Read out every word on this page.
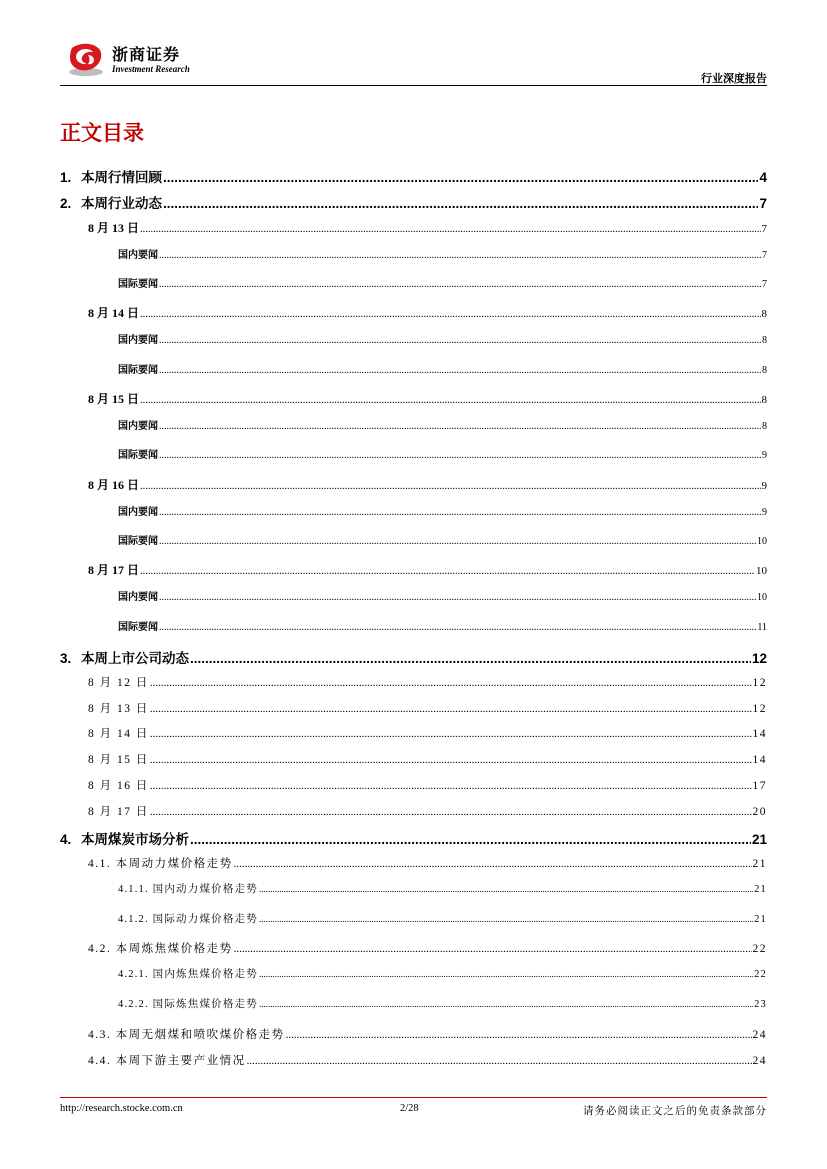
浙商证券
Investment Research
行业深度报告
正文目录
1. 本周行情回顾 .....	4
2. 本周行业动态 .....	7
8 月 13 日 .....	7
国内要闻 .....	7
国际要闻 .....	7
8 月 14 日 .....	8
国内要闻 .....	8
国际要闻 .....	8
8 月 15 日 .....	8
国内要闻 .....	8
国际要闻 .....	9
8 月 16 日 .....	9
国内要闻 .....	9
国际要闻 .....	10
8 月 17 日 .....	10
国内要闻 .....	10
国际要闻 .....	11
3. 本周上市公司动态 .....	12
8 月 12 日 .....	12
8 月 13 日 .....	12
8 月 14 日 .....	14
8 月 15 日 .....	14
8 月 16 日 .....	17
8 月 17 日 .....	20
4. 本周煤炭市场分析 .....	21
4.1. 本周动力煤价格走势 .....	21
4.1.1. 国内动力煤价格走势 .....	21
4.1.2. 国际动力煤价格走势 .....	21
4.2. 本周炼焦煤价格走势 .....	22
4.2.1. 国内炼焦煤价格走势 .....	22
4.2.2. 国际炼焦煤价格走势 .....	23
4.3. 本周无烟煤和喷吹煤价格走势 .....	24
4.4. 本周下游主要产业情况 .....	24
http://research.stocke.com.cn	2/28	请务必阅读正文之后的免责条款部分
